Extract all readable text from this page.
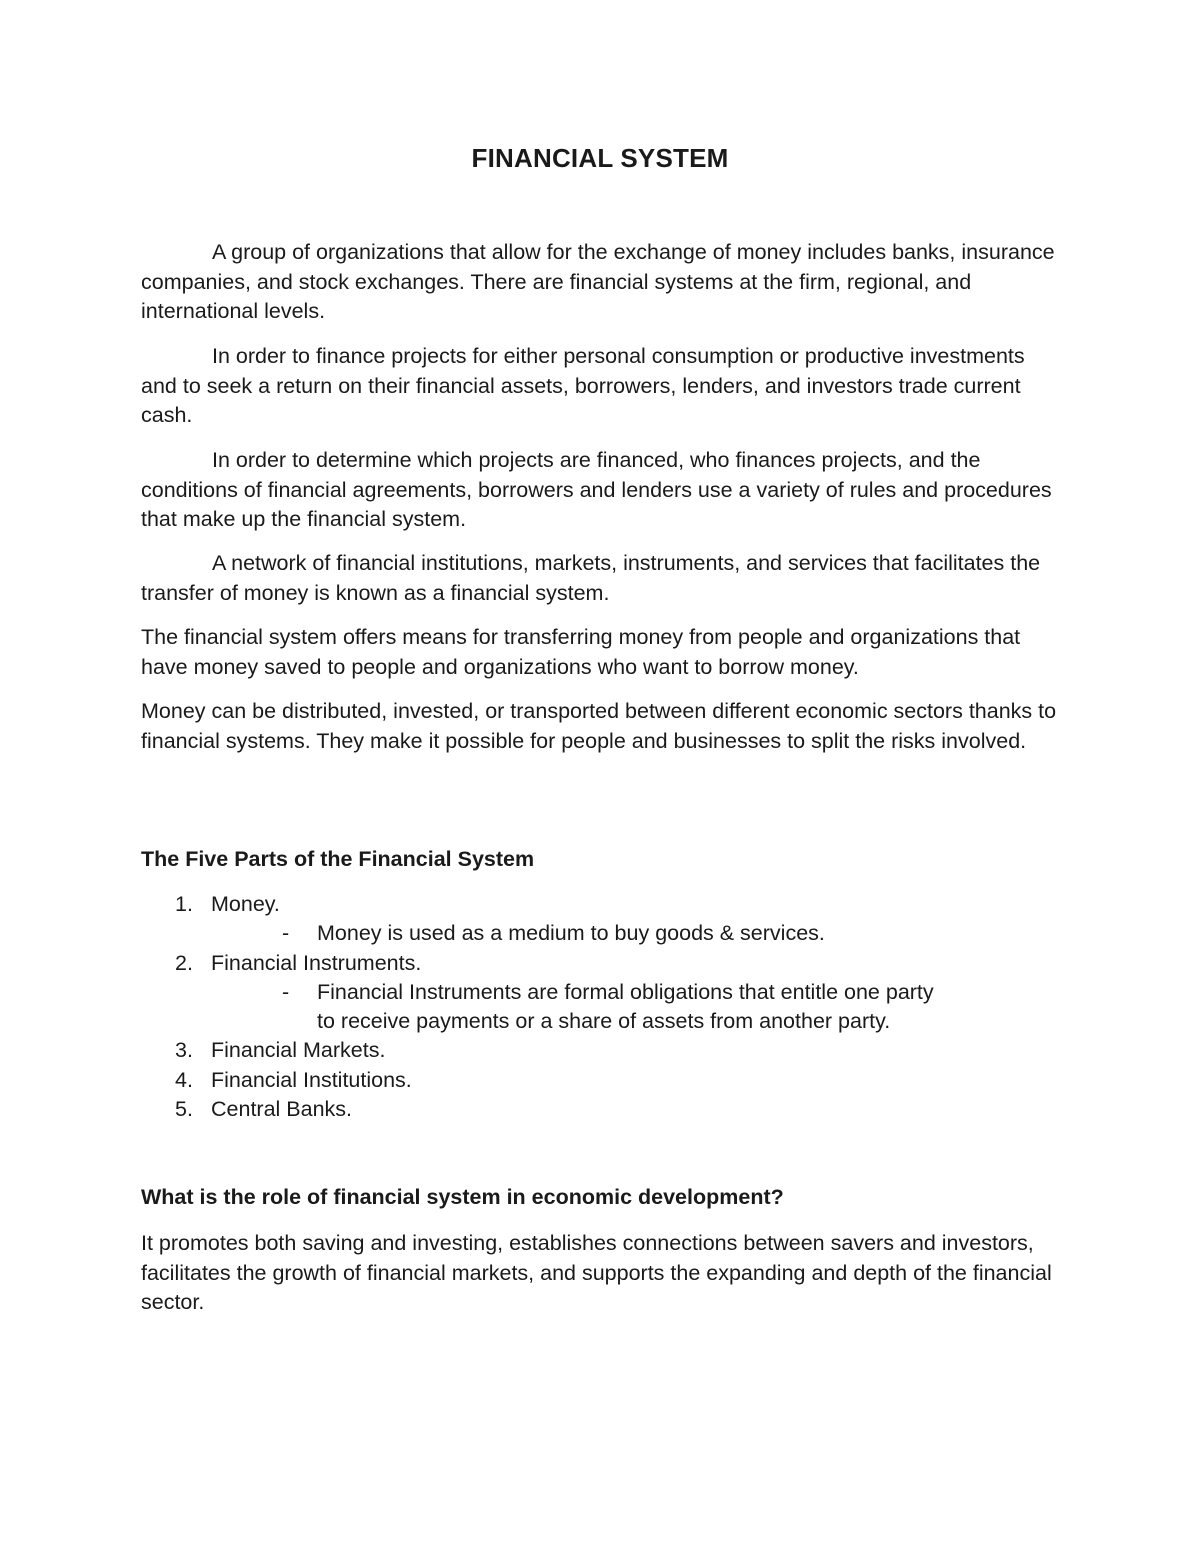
FINANCIAL SYSTEM

A group of organizations that allow for the exchange of money includes banks, insurance companies, and stock exchanges. There are financial systems at the firm, regional, and international levels.

In order to finance projects for either personal consumption or productive investments and to seek a return on their financial assets, borrowers, lenders, and investors trade current cash.

In order to determine which projects are financed, who finances projects, and the conditions of financial agreements, borrowers and lenders use a variety of rules and procedures that make up the financial system.

A network of financial institutions, markets, instruments, and services that facilitates the transfer of money is known as a financial system.

The financial system offers means for transferring money from people and organizations that have money saved to people and organizations who want to borrow money.

Money can be distributed, invested, or transported between different economic sectors thanks to financial systems. They make it possible for people and businesses to split the risks involved.

The Five Parts of the Financial System
1. Money.
- Money is used as a medium to buy goods & services.
2. Financial Instruments.
- Financial Instruments are formal obligations that entitle one party to receive payments or a share of assets from another party.
3. Financial Markets.
4. Financial Institutions.
5. Central Banks.
What is the role of financial system in economic development?

It promotes both saving and investing, establishes connections between savers and investors, facilitates the growth of financial markets, and supports the expanding and depth of the financial sector.
